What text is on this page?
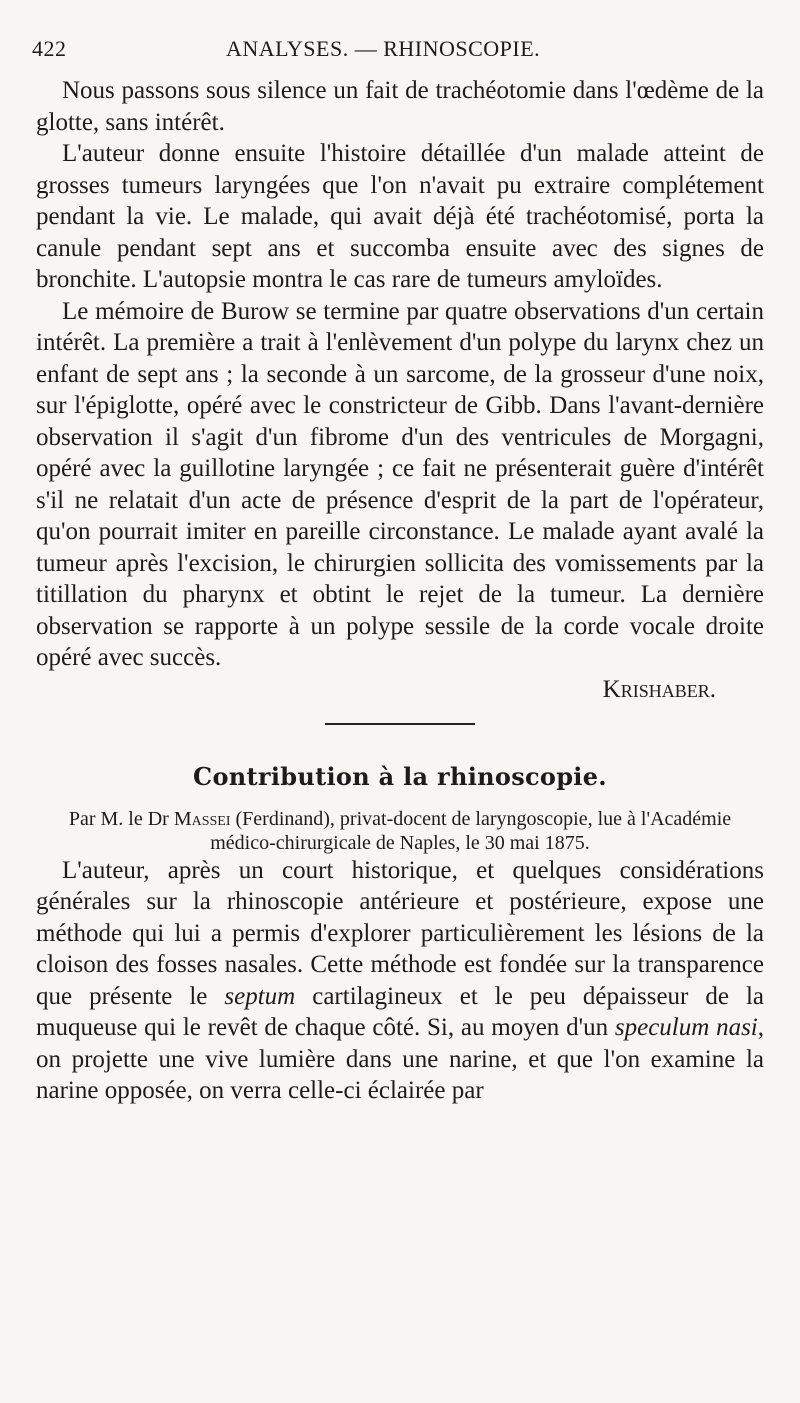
422	ANALYSES. — RHINOSCOPIE.

Nous passons sous silence un fait de trachéotomie dans l'œdème de la glotte, sans intérêt.

L'auteur donne ensuite l'histoire détaillée d'un malade atteint de grosses tumeurs laryngées que l'on n'avait pu extraire complétement pendant la vie. Le malade, qui avait déjà été trachéotomisé, porta la canule pendant sept ans et succomba ensuite avec des signes de bronchite. L'autopsie montra le cas rare de tumeurs amyloïdes.

Le mémoire de Burow se termine par quatre observations d'un certain intérêt. La première a trait à l'enlèvement d'un polype du larynx chez un enfant de sept ans ; la seconde à un sarcome, de la grosseur d'une noix, sur l'épiglotte, opéré avec le constricteur de Gibb. Dans l'avant-dernière observation il s'agit d'un fibrome d'un des ventricules de Morgagni, opéré avec la guillotine laryngée ; ce fait ne présenterait guère d'intérêt s'il ne relatait d'un acte de présence d'esprit de la part de l'opérateur, qu'on pourrait imiter en pareille circonstance. Le malade ayant avalé la tumeur après l'excision, le chirurgien sollicita des vomissements par la titillation du pharynx et obtint le rejet de la tumeur. La dernière observation se rapporte à un polype sessile de la corde vocale droite opéré avec succès.

Krishaber.

Contribution à la rhinoscopie.

Par M. le Dr Massei (Ferdinand), privat-docent de laryngoscopie, lue à l'Académie médico-chirurgicale de Naples, le 30 mai 1875.

L'auteur, après un court historique, et quelques considérations générales sur la rhinoscopie antérieure et postérieure, expose une méthode qui lui a permis d'explorer particulièrement les lésions de la cloison des fosses nasales. Cette méthode est fondée sur la transparence que présente le septum cartilagineux et le peu dépaisseur de la muqueuse qui le revêt de chaque côté. Si, au moyen d'un speculum nasi, on projette une vive lumière dans une narine, et que l'on examine la narine opposée, on verra celle-ci éclairée par
